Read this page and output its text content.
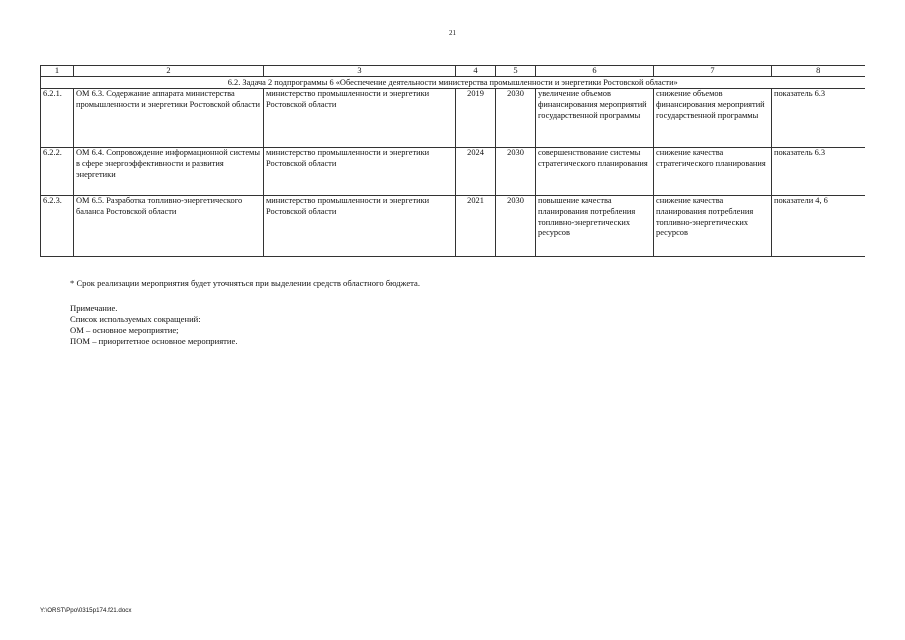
21
1	2	3	4	5	6	7	8
6.2. Задача 2 подпрограммы 6 «Обеспечение деятельности министерства промышленности и энергетики Ростовской области»							
6.2.1.	ОМ 6.3. Содержание аппарата министерства промышленности и энергетики Ростовской области	министерство промышленности и энергетики Ростовской области	2019	2030	увеличение объемов финансирования мероприятий государственной программы	снижение объемов финансирования мероприятий государственной программы	показатель 6.3
6.2.2.	ОМ 6.4. Сопровождение информационной системы в сфере энергоэффективности и развития энергетики	министерство промышленности и энергетики Ростовской области	2024	2030	совершенствование системы стратегического планирования	снижение качества стратегического планирования	показатель 6.3
6.2.3.	ОМ 6.5. Разработка топливно-энергетического баланса Ростовской области	министерство промышленности и энергетики Ростовской области	2021	2030	повышение качества планирования потребления топливно-энергетических ресурсов	снижение качества планирования потребления топливно-энергетических ресурсов	показатели 4, 6
* Срок реализации мероприятия будет уточняться при выделении средств областного бюджета.
Примечание.
Список используемых сокращений:
ОМ – основное мероприятие;
ПОМ – приоритетное основное мероприятие.
Y:\ORST\Ppo\0315p174.f21.docx
